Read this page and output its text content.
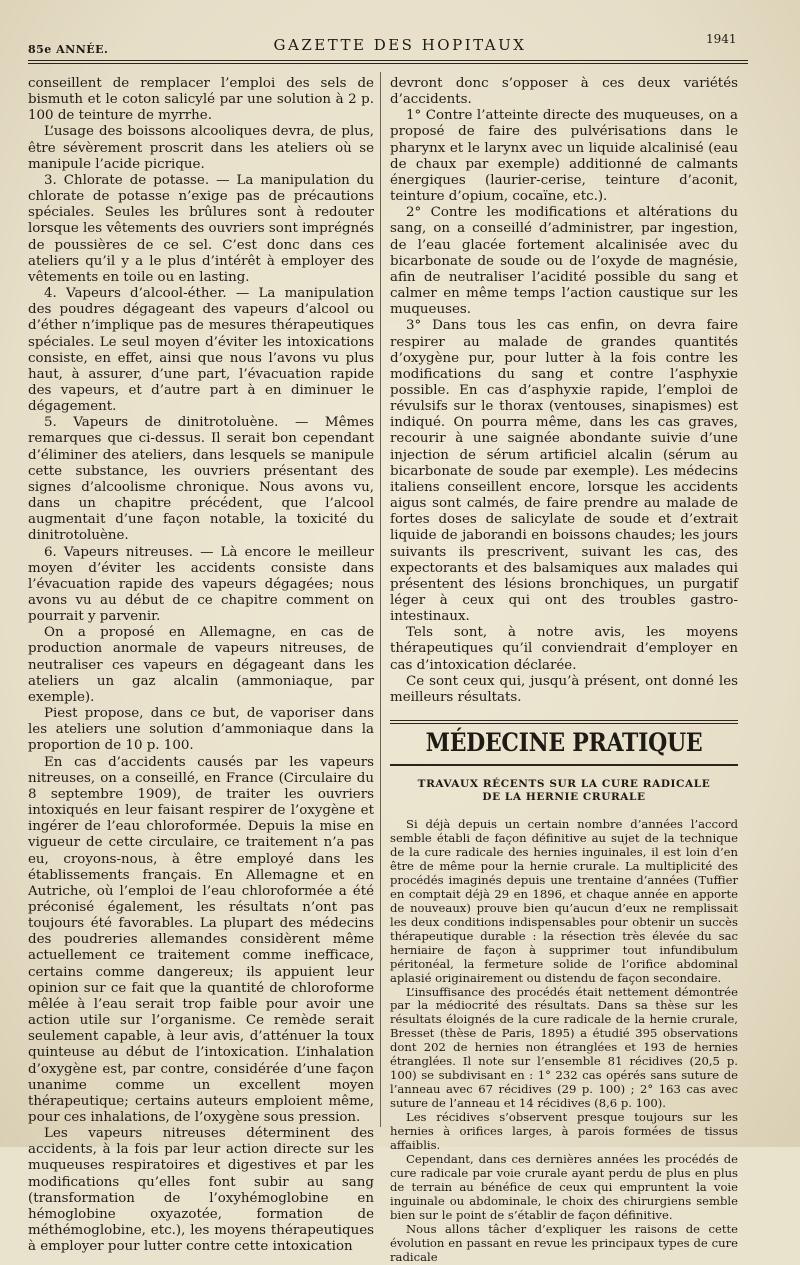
85e ANNÉE.	GAZETTE DES HOPITAUX	1941

conseillent de remplacer l’emploi des sels de bismuth et le coton salicylé par une solution à 2 p. 100 de teinture de myrrhe.

L’usage des boissons alcooliques devra, de plus, être sévèrement proscrit dans les ateliers où se manipule l’acide picrique.

3. Chlorate de potasse. — La manipulation du chlorate de potasse n’exige pas de précautions spéciales. Seules les brûlures sont à redouter lorsque les vêtements des ouvriers sont imprégnés de poussières de ce sel. C’est donc dans ces ateliers qu’il y a le plus d’intérêt à employer des vêtements en toile ou en lasting.

4. Vapeurs d’alcool-éther. — La manipulation des poudres dégageant des vapeurs d’alcool ou d’éther n’implique pas de mesures thérapeutiques spéciales. Le seul moyen d’éviter les intoxications consiste, en effet, ainsi que nous l’avons vu plus haut, à assurer, d’une part, l’évacuation rapide des vapeurs, et d’autre part à en diminuer le dégagement.

5. Vapeurs de dinitrotoluène. — Mêmes remarques que ci-dessus. Il serait bon cependant d’éliminer des ateliers, dans lesquels se manipule cette substance, les ouvriers présentant des signes d’alcoolisme chronique. Nous avons vu, dans un chapitre précédent, que l’alcool augmentait d’une façon notable, la toxicité du dinitrotoluène.

6. Vapeurs nitreuses. — Là encore le meilleur moyen d’éviter les accidents consiste dans l’évacuation rapide des vapeurs dégagées; nous avons vu au début de ce chapitre comment on pourrait y parvenir.

On a proposé en Allemagne, en cas de production anormale de vapeurs nitreuses, de neutraliser ces vapeurs en dégageant dans les ateliers un gaz alcalin (ammoniaque, par exemple).

Piest propose, dans ce but, de vaporiser dans les ateliers une solution d’ammoniaque dans la proportion de 10 p. 100.

En cas d’accidents causés par les vapeurs nitreuses, on a conseillé, en France (Circulaire du 8 septembre 1909), de traiter les ouvriers intoxiqués en leur faisant respirer de l’oxygène et ingérer de l’eau chloroformée. Depuis la mise en vigueur de cette circulaire, ce traitement n’a pas eu, croyons-nous, à être employé dans les établissements français. En Allemagne et en Autriche, où l’emploi de l’eau chloroformée a été préconisé également, les résultats n’ont pas toujours été favorables. La plupart des médecins des poudreries allemandes considèrent même actuellement ce traitement comme inefficace, certains comme dangereux; ils appuient leur opinion sur ce fait que la quantité de chloroforme mêlée à l’eau serait trop faible pour avoir une action utile sur l’organisme. Ce remède serait seulement capable, à leur avis, d’atténuer la toux quinteuse au début de l’intoxication. L’inhalation d’oxygène est, par contre, considérée d’une façon unanime comme un excellent moyen thérapeutique; certains auteurs emploient même, pour ces inhalations, de l’oxygène sous pression.

Les vapeurs nitreuses déterminent des accidents, à la fois par leur action directe sur les muqueuses respiratoires et digestives et par les modifications qu’elles font subir au sang (transformation de l’oxyhémoglobine en hémoglobine oxyazotée, formation de méthémoglobine, etc.), les moyens thérapeutiques à employer pour lutter contre cette intoxication

devront donc s’opposer à ces deux variétés d’accidents.

1° Contre l’atteinte directe des muqueuses, on a proposé de faire des pulvérisations dans le pharynx et le larynx avec un liquide alcalinisé (eau de chaux par exemple) additionné de calmants énergiques (laurier-cerise, teinture d’aconit, teinture d’opium, cocaïne, etc.).

2° Contre les modifications et altérations du sang, on a conseillé d’administrer, par ingestion, de l’eau glacée fortement alcalinisée avec du bicarbonate de soude ou de l’oxyde de magnésie, afin de neutraliser l’acidité possible du sang et calmer en même temps l’action caustique sur les muqueuses.

3° Dans tous les cas enfin, on devra faire respirer au malade de grandes quantités d’oxygène pur, pour lutter à la fois contre les modifications du sang et contre l’asphyxie possible. En cas d’asphyxie rapide, l’emploi de révulsifs sur le thorax (ventouses, sinapismes) est indiqué. On pourra même, dans les cas graves, recourir à une saignée abondante suivie d’une injection de sérum artificiel alcalin (sérum au bicarbonate de soude par exemple). Les médecins italiens conseillent encore, lorsque les accidents aigus sont calmés, de faire prendre au malade de fortes doses de salicylate de soude et d’extrait liquide de jaborandi en boissons chaudes; les jours suivants ils prescrivent, suivant les cas, des expectorants et des balsamiques aux malades qui présentent des lésions bronchiques, un purgatif léger à ceux qui ont des troubles gastro-intestinaux.

Tels sont, à notre avis, les moyens thérapeutiques qu’il conviendrait d’employer en cas d’intoxication déclarée.

Ce sont ceux qui, jusqu’à présent, ont donné les meilleurs résultats.

MÉDECINE PRATIQUE
TRAVAUX RÉCENTS SUR LA CURE RADICALE
DE LA HERNIE CRURALE

Si déjà depuis un certain nombre d’années l’accord semble établi de façon définitive au sujet de la technique de la cure radicale des hernies inguinales, il est loin d’en être de même pour la hernie crurale. La multiplicité des procédés imaginés depuis une trentaine d’années (Tuffier en comptait déjà 29 en 1896, et chaque année en apporte de nouveaux) prouve bien qu’aucun d’eux ne remplissait les deux conditions indispensables pour obtenir un succès thérapeutique durable : la résection très élevée du sac herniaire de façon à supprimer tout infundibulum péritonéal, la fermeture solide de l’orifice abdominal aplasié originairement ou distendu de façon secondaire.

L’insuffisance des procédés était nettement démontrée par la médiocrité des résultats. Dans sa thèse sur les résultats éloignés de la cure radicale de la hernie crurale, Bresset (thèse de Paris, 1895) a étudié 395 observations dont 202 de hernies non étranglées et 193 de hernies étranglées. Il note sur l’ensemble 81 récidives (20,5 p. 100) se subdivisant en : 1° 232 cas opérés sans suture de l’anneau avec 67 récidives (29 p. 100) ; 2° 163 cas avec suture de l’anneau et 14 récidives (8,6 p. 100).

Les récidives s’observent presque toujours sur les hernies à orifices larges, à parois formées de tissus affaiblis.

Cependant, dans ces dernières années les procédés de cure radicale par voie crurale ayant perdu de plus en plus de terrain au bénéfice de ceux qui empruntent la voie inguinale ou abdominale, le choix des chirurgiens semble bien sur le point de s’établir de façon définitive.

Nous allons tâcher d’expliquer les raisons de cette évolution en passant en revue les principaux types de cure radicale
